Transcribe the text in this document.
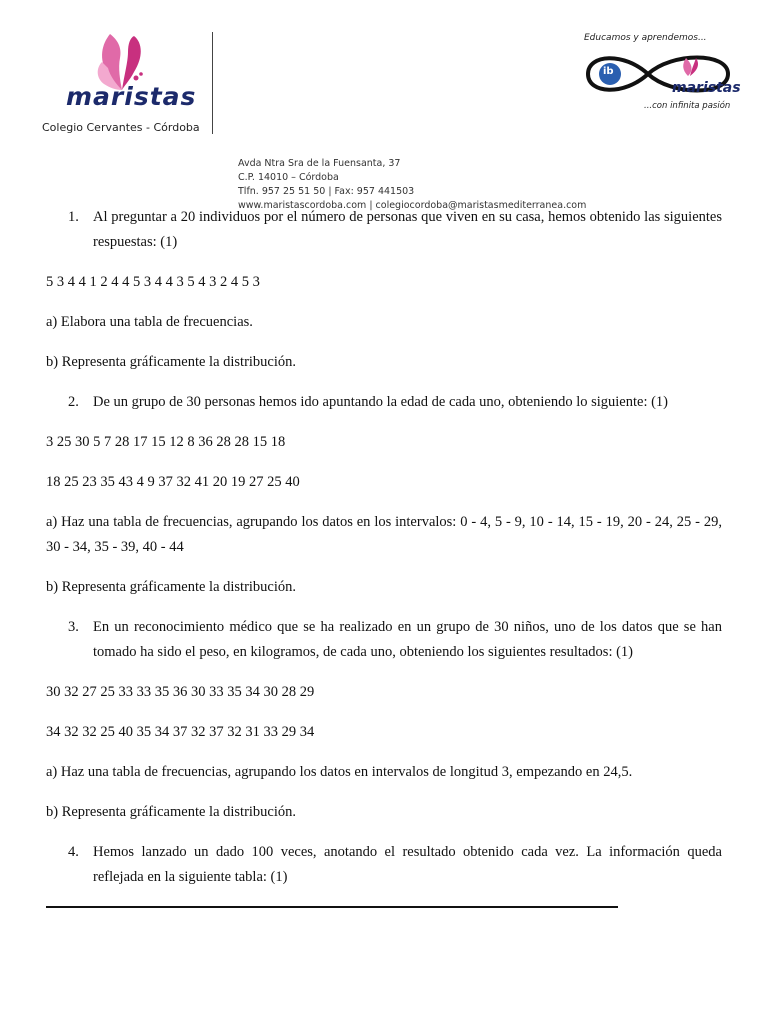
maristas
Colegio Cervantes - Córdoba
Avda Ntra Sra de la Fuensanta, 37
C.P. 14010 – Córdoba
Tlfn. 957 25 51 50 | Fax: 957 441503
www.maristascordoba.com | colegiocordoba@maristasmediterranea.com
ib
Educamos y aprendemos...
maristas
...con infinita pasión
1. Al preguntar a 20 individuos por el número de personas que viven en su casa, hemos obtenido las siguientes respuestas: (1)
5 3 4 4 1 2 4 4 5 3 4 4 3 5 4 3 2 4 5 3
a) Elabora una tabla de frecuencias.
b) Representa gráficamente la distribución.
2. De un grupo de 30 personas hemos ido apuntando la edad de cada uno, obteniendo lo siguiente: (1)
3 25 30 5 7 28 17 15 12 8 36 28 28 15 18
18 25 23 35 43 4 9 37 32 41 20 19 27 25 40
a) Haz una tabla de frecuencias, agrupando los datos en los intervalos: 0 - 4, 5 - 9, 10 - 14, 15 - 19, 20 - 24, 25 - 29, 30 - 34, 35 - 39, 40 - 44
b) Representa gráficamente la distribución.
3. En un reconocimiento médico que se ha realizado en un grupo de 30 niños, uno de los datos que se han tomado ha sido el peso, en kilogramos, de cada uno, obteniendo los siguientes resultados: (1)
30 32 27 25 33 33 35 36 30 33 35 34 30 28 29
34 32 32 25 40 35 34 37 32 37 32 31 33 29 34
a) Haz una tabla de frecuencias, agrupando los datos en intervalos de longitud 3, empezando en 24,5.
b) Representa gráficamente la distribución.
4. Hemos lanzado un dado 100 veces, anotando el resultado obtenido cada vez. La información queda reflejada en la siguiente tabla: (1)
